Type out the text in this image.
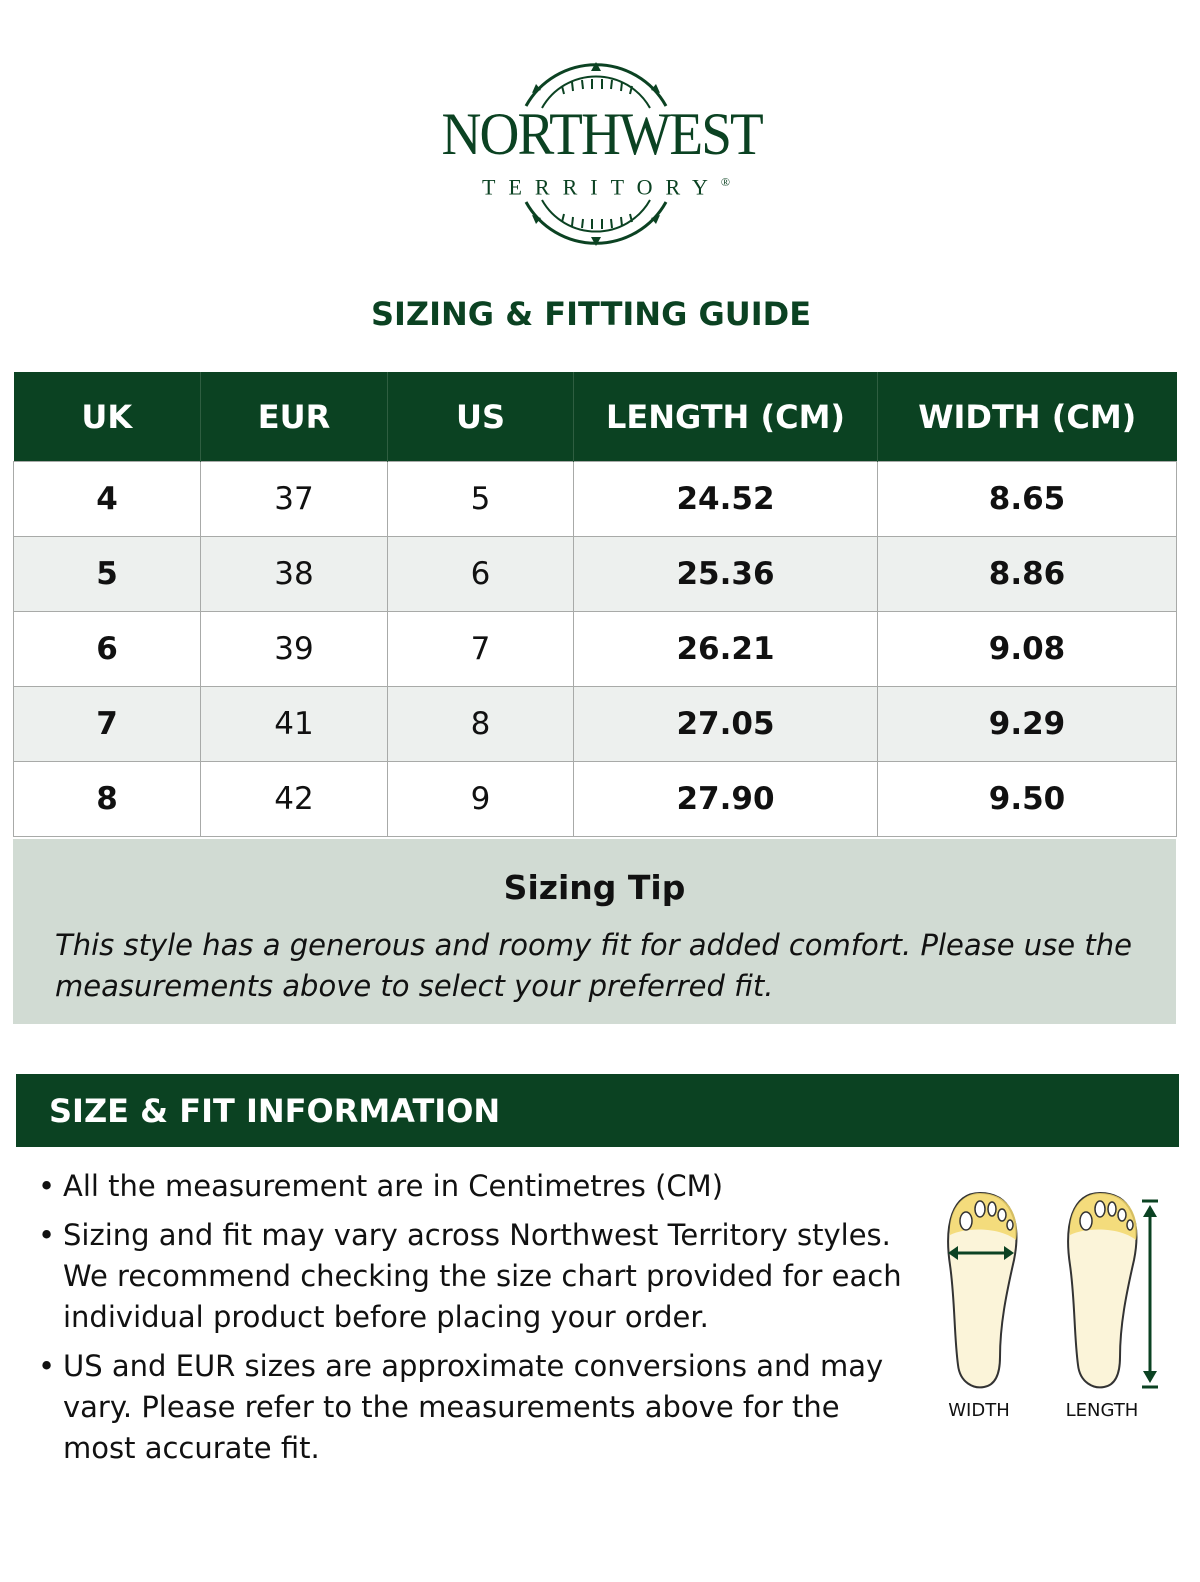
NORTHWEST
TERRITORY®
SIZING & FITTING GUIDE
UK	EUR	US	LENGTH (CM)	WIDTH (CM)
4	37	5	24.52	8.65
5	38	6	25.36	8.86
6	39	7	26.21	9.08
7	41	8	27.05	9.29
8	42	9	27.90	9.50
Sizing Tip
This style has a generous and roomy fit for added comfort. Please use the measurements above to select your preferred fit.
SIZE & FIT INFORMATION
• All the measurement are in Centimetres (CM)
• Sizing and fit may vary across Northwest Territory styles. We recommend checking the size chart provided for each individual product before placing your order.
• US and EUR sizes are approximate conversions and may vary. Please refer to the measurements above for the most accurate fit.
WIDTH	LENGTH
